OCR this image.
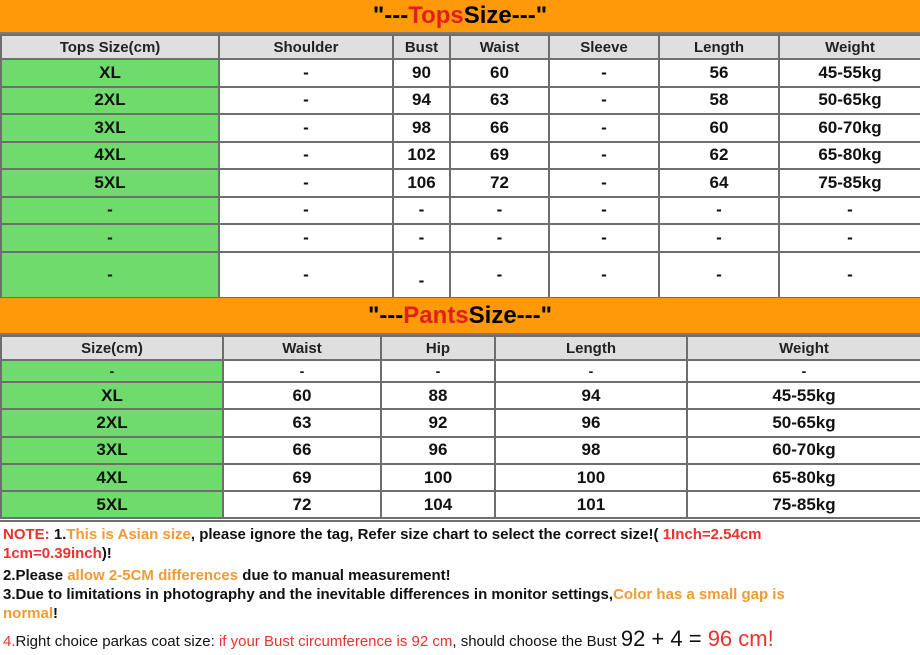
"--- Tops Size---"
Tops Size(cm)	Shoulder	Bust	Waist	Sleeve	Length	Weight
XL	-	90	60	-	56	45-55kg
2XL	-	94	63	-	58	50-65kg
3XL	-	98	66	-	60	60-70kg
4XL	-	102	69	-	62	65-80kg
5XL	-	106	72	-	64	75-85kg
-	-	-	-	-	-	-
-	-	-	-	-	-	-
-	-	-	-	-	-	-
"--- Pants Size---"
Size(cm)	Waist	Hip	Length	Weight
-	-	-	-	-
XL	60	88	94	45-55kg
2XL	63	92	96	50-65kg
3XL	66	96	98	60-70kg
4XL	69	100	100	65-80kg
5XL	72	104	101	75-85kg
NOTE: 1.This is Asian size, please ignore the tag, Refer size chart to select the correct size!( 1Inch=2.54cm
1cm=0.39inch)!
2.Please allow 2-5CM differences due to manual measurement!
3.Due to limitations in photography and the inevitable differences in monitor settings,Color has a small gap is
normal!
4.Right choice parkas coat size: if your Bust circumference is 92 cm, should choose the Bust 92 + 4 = 96 cm!
